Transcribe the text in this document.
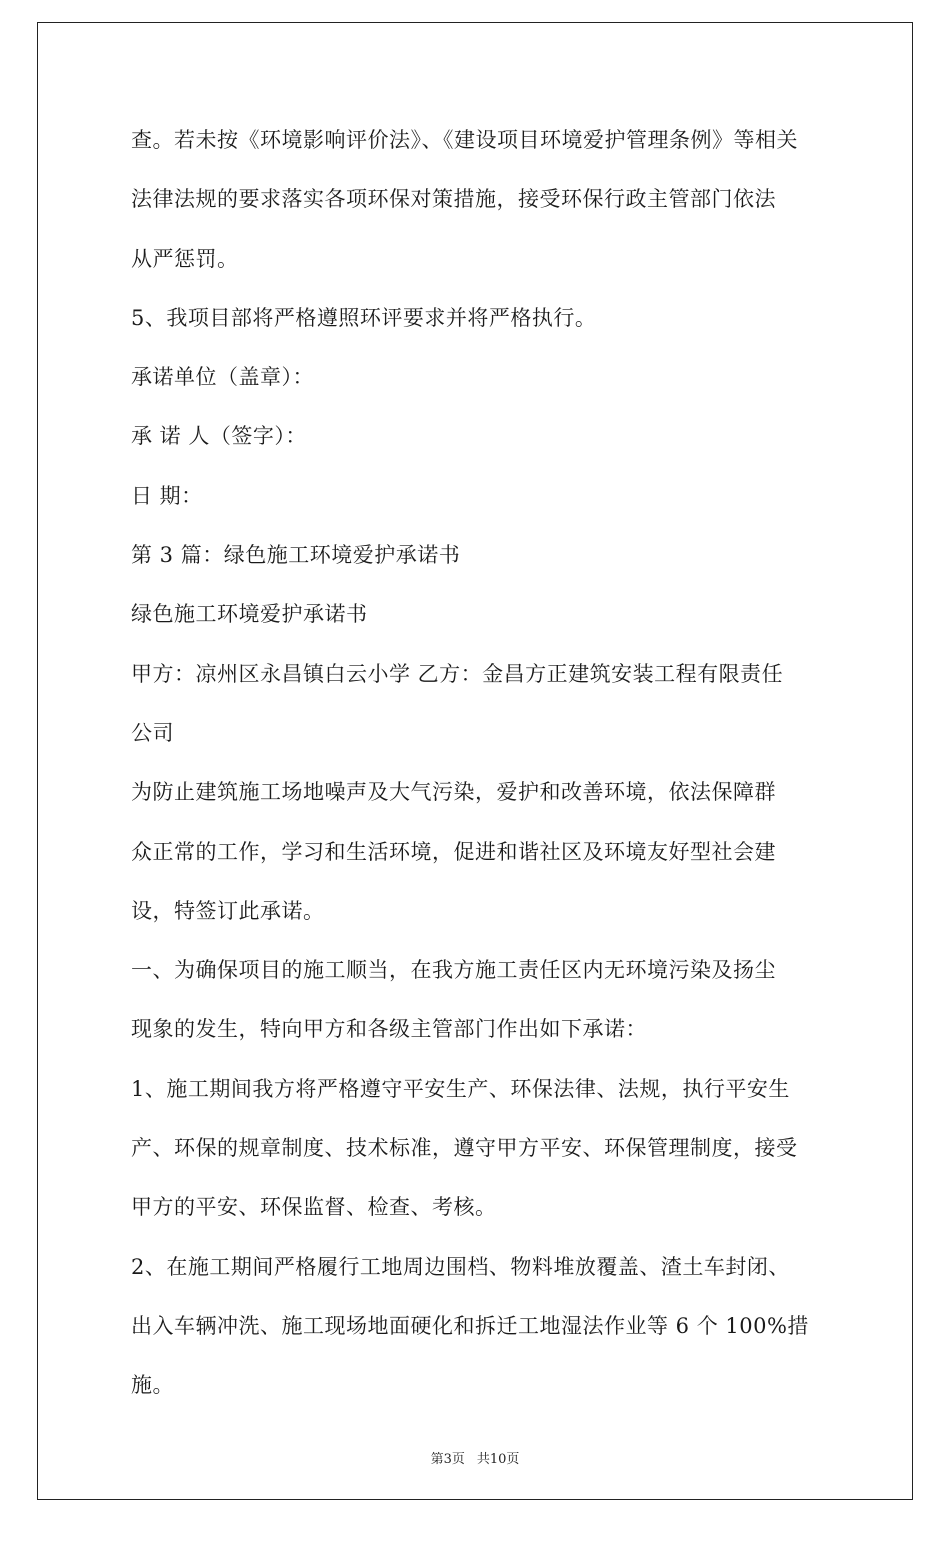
查。若未按《环境影响评价法》、《建设项目环境爱护管理条例》等相关
法律法规的要求落实各项环保对策措施，接受环保行政主管部门依法
从严惩罚。
5、我项目部将严格遵照环评要求并将严格执行。
承诺单位（盖章）：
承 诺 人（签字）：
日 期：
第 3 篇：绿色施工环境爱护承诺书
绿色施工环境爱护承诺书
甲方：凉州区永昌镇白云小学 乙方：金昌方正建筑安装工程有限责任
公司
为防止建筑施工场地噪声及大气污染，爱护和改善环境，依法保障群
众正常的工作，学习和生活环境，促进和谐社区及环境友好型社会建
设，特签订此承诺。
一、为确保项目的施工顺当，在我方施工责任区内无环境污染及扬尘
现象的发生，特向甲方和各级主管部门作出如下承诺：
1、施工期间我方将严格遵守平安生产、环保法律、法规，执行平安生
产、环保的规章制度、技术标准，遵守甲方平安、环保管理制度，接受
甲方的平安、环保监督、检查、考核。
2、在施工期间严格履行工地周边围档、物料堆放覆盖、渣土车封闭、
出入车辆冲洗、施工现场地面硬化和拆迁工地湿法作业等 6 个 100%措
施。
第3页 共10页
